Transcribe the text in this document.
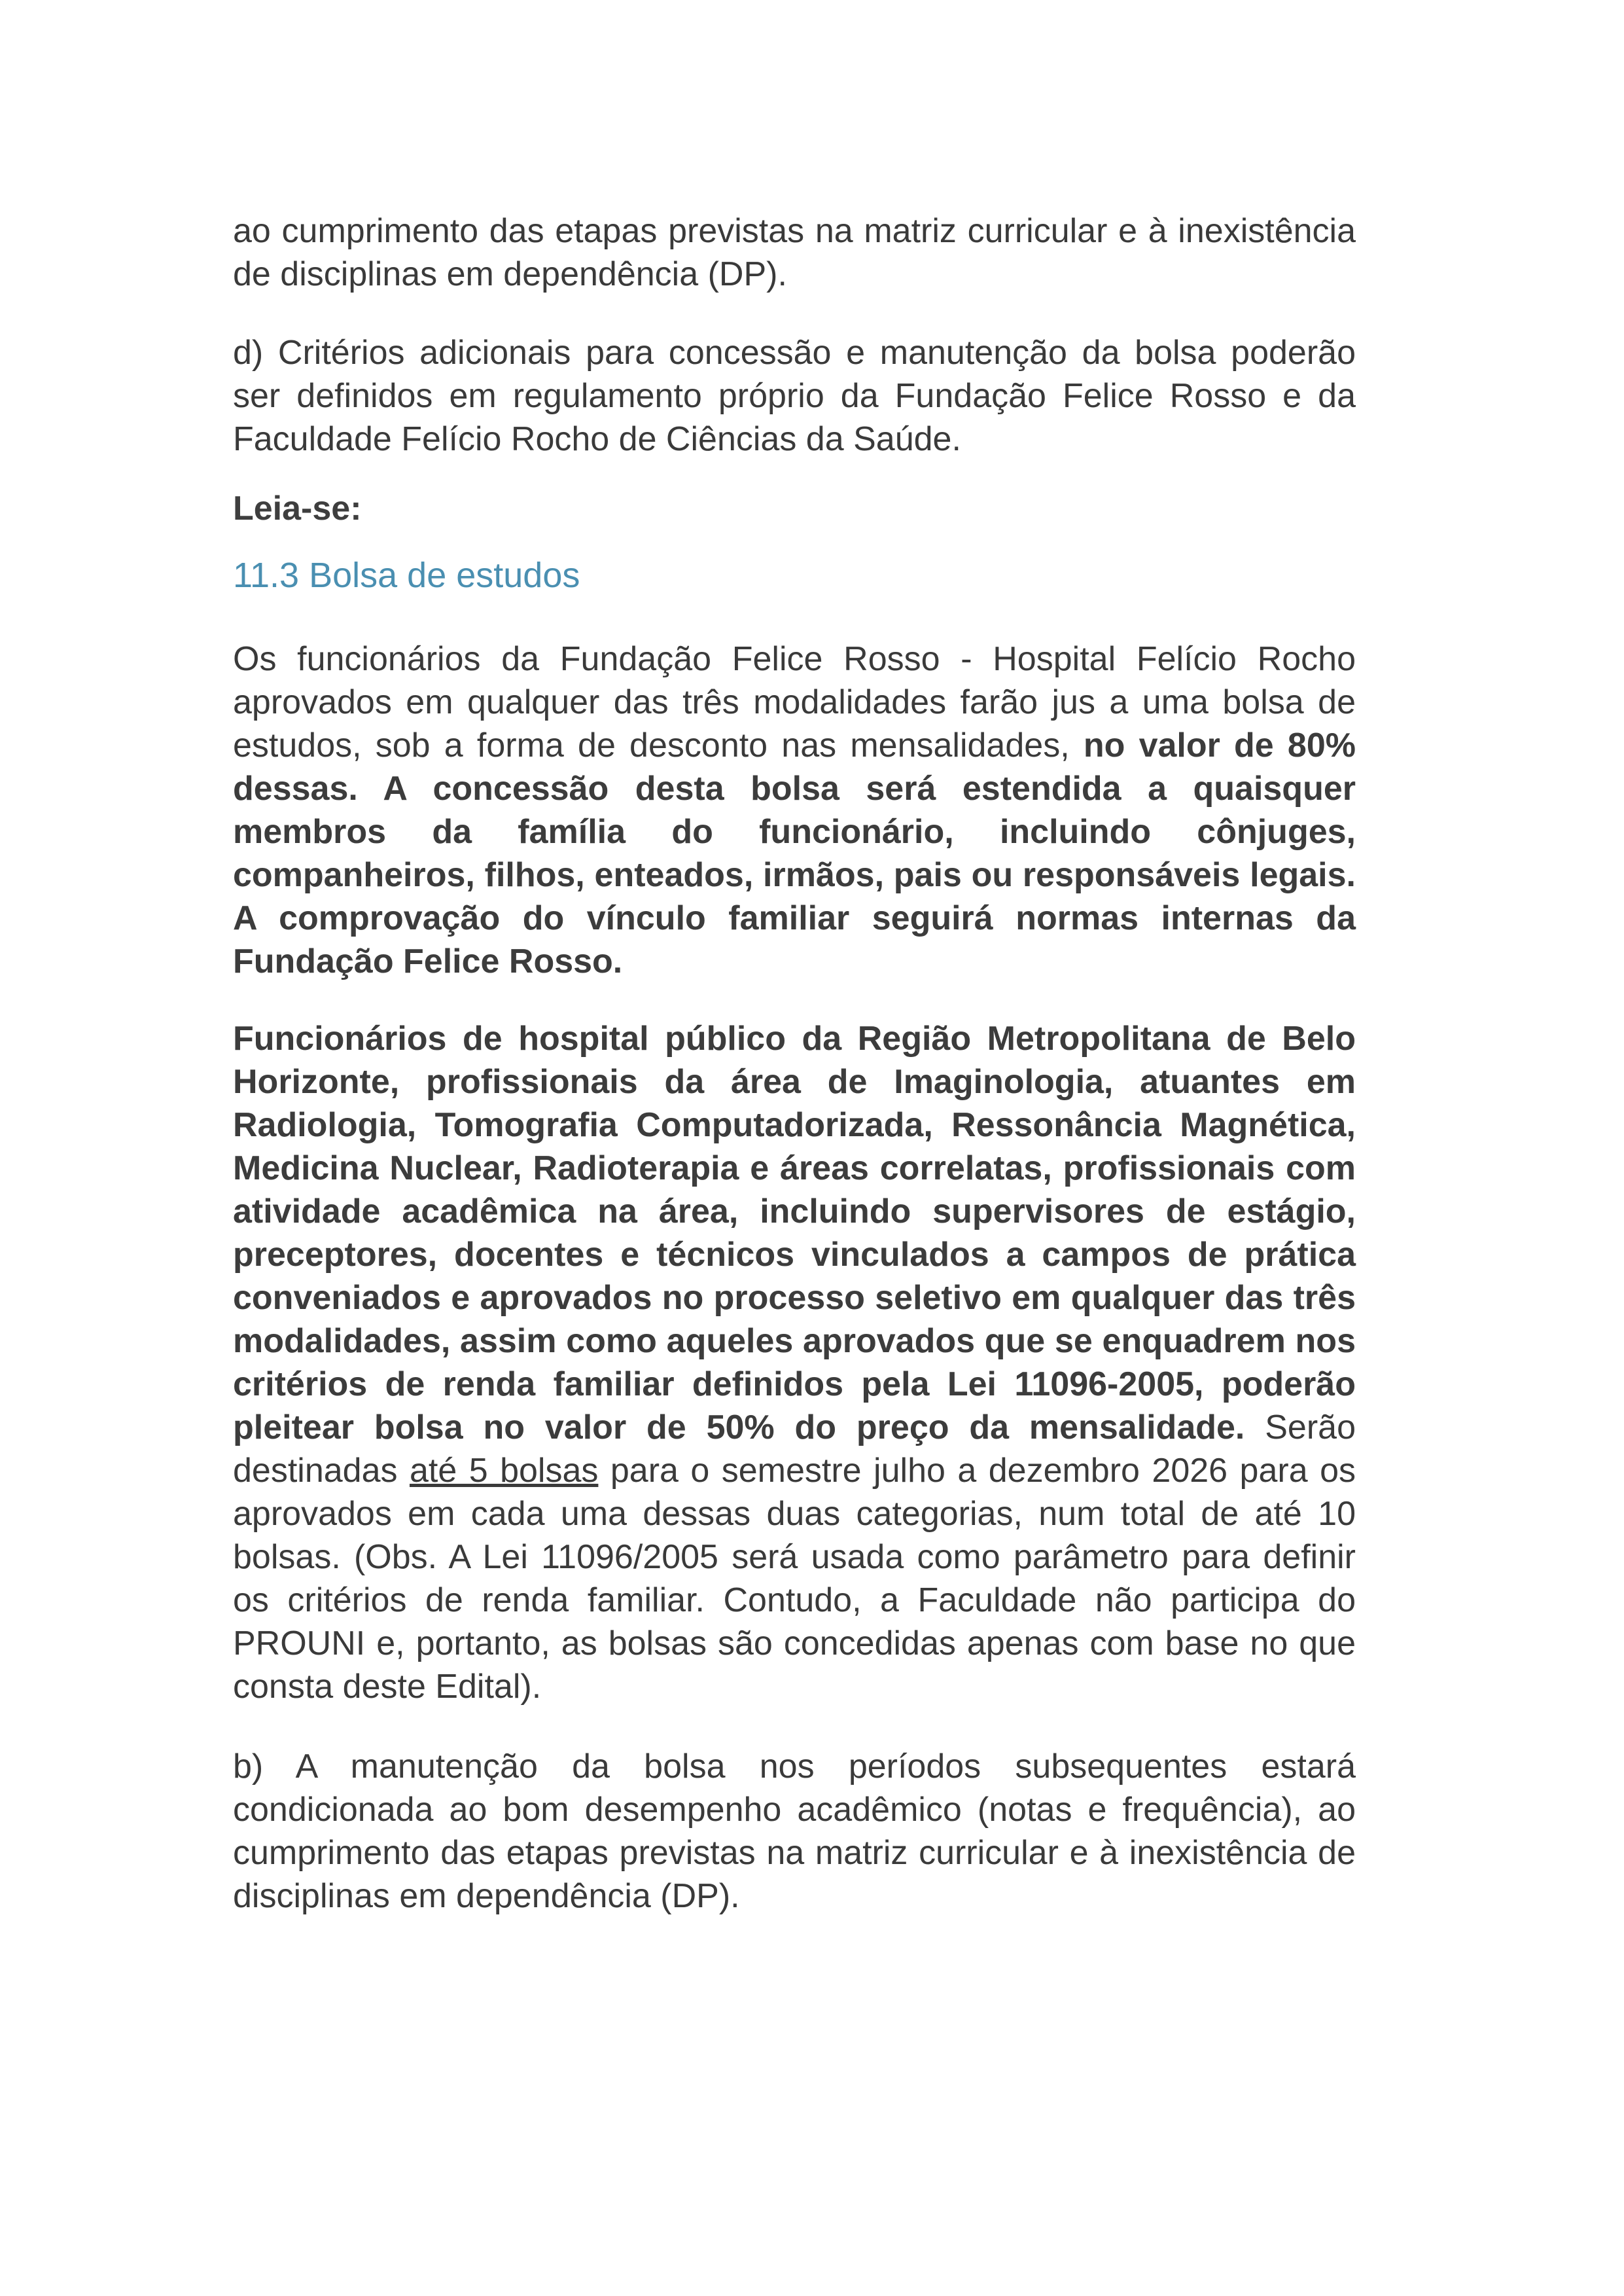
ao cumprimento das etapas previstas na matriz curricular e à inexistência de disciplinas em dependência (DP).

d) Critérios adicionais para concessão e manutenção da bolsa poderão ser definidos em regulamento próprio da Fundação Felice Rosso e da Faculdade Felício Rocho de Ciências da Saúde.

Leia-se:

11.3 Bolsa de estudos

Os funcionários da Fundação Felice Rosso - Hospital Felício Rocho aprovados em qualquer das três modalidades farão jus a uma bolsa de estudos, sob a forma de desconto nas mensalidades, no valor de 80% dessas. A concessão desta bolsa será estendida a quaisquer membros da família do funcionário, incluindo cônjuges, companheiros, filhos, enteados, irmãos, pais ou responsáveis legais. A comprovação do vínculo familiar seguirá normas internas da Fundação Felice Rosso.

Funcionários de hospital público da Região Metropolitana de Belo Horizonte, profissionais da área de Imaginologia, atuantes em Radiologia, Tomografia Computadorizada, Ressonância Magnética, Medicina Nuclear, Radioterapia e áreas correlatas, profissionais com atividade acadêmica na área, incluindo supervisores de estágio, preceptores, docentes e técnicos vinculados a campos de prática conveniados e aprovados no processo seletivo em qualquer das três modalidades, assim como aqueles aprovados que se enquadrem nos critérios de renda familiar definidos pela Lei 11096-2005, poderão pleitear bolsa no valor de 50% do preço da mensalidade. Serão destinadas até 5 bolsas para o semestre julho a dezembro 2026 para os aprovados em cada uma dessas duas categorias, num total de até 10 bolsas. (Obs. A Lei 11096/2005 será usada como parâmetro para definir os critérios de renda familiar. Contudo, a Faculdade não participa do PROUNI e, portanto, as bolsas são concedidas apenas com base no que consta deste Edital).

b) A manutenção da bolsa nos períodos subsequentes estará condicionada ao bom desempenho acadêmico (notas e frequência), ao cumprimento das etapas previstas na matriz curricular e à inexistência de disciplinas em dependência (DP).
